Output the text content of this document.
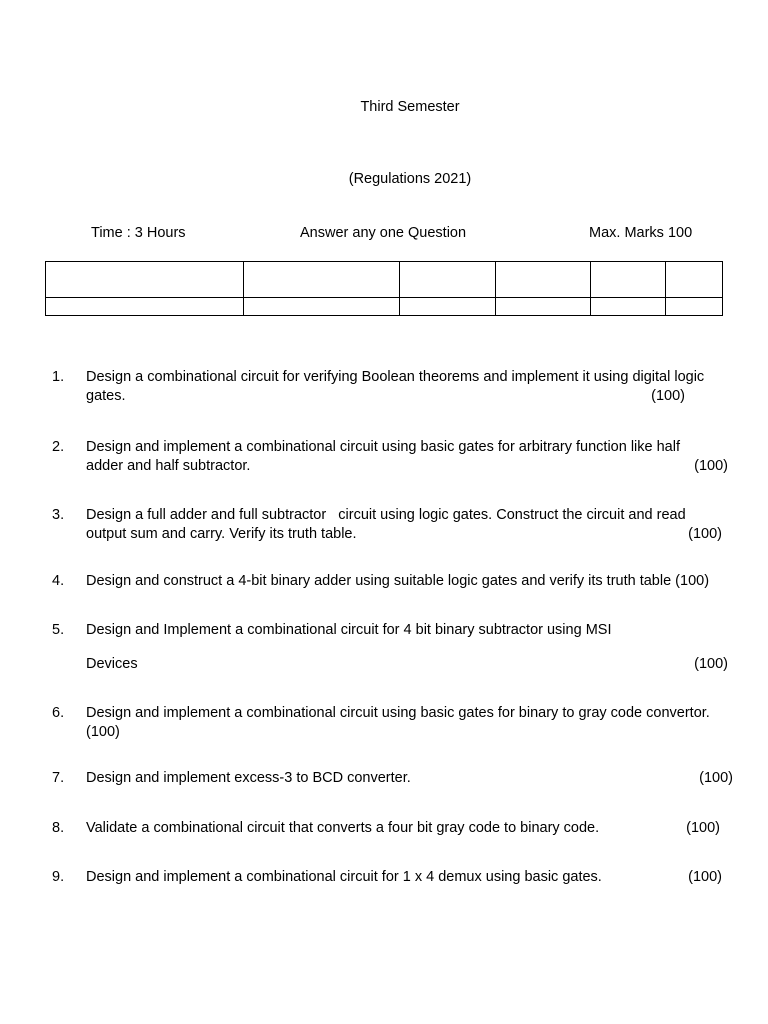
Third Semester
(Regulations 2021)
Time : 3 Hours	Answer any one Question	Max. Marks 100

1. Design a combinational circuit for verifying Boolean theorems and implement it using digital logic
gates.	(100)
2. Design and implement a combinational circuit using basic gates for arbitrary function like half
adder and half subtractor.	(100)
3. Design a full adder and full subtractor   circuit using logic gates. Construct the circuit and read
output sum and carry. Verify its truth table.	(100)
4. Design and construct a 4-bit binary adder using suitable logic gates and verify its truth table (100)
5. Design and Implement a combinational circuit for 4 bit binary subtractor using MSI
Devices	(100)
6. Design and implement a combinational circuit using basic gates for binary to gray code convertor.
(100)
7. Design and implement excess-3 to BCD converter.	(100)
8. Validate a combinational circuit that converts a four bit gray code to binary code.	(100)
9. Design and implement a combinational circuit for 1 x 4 demux using basic gates.	(100)
